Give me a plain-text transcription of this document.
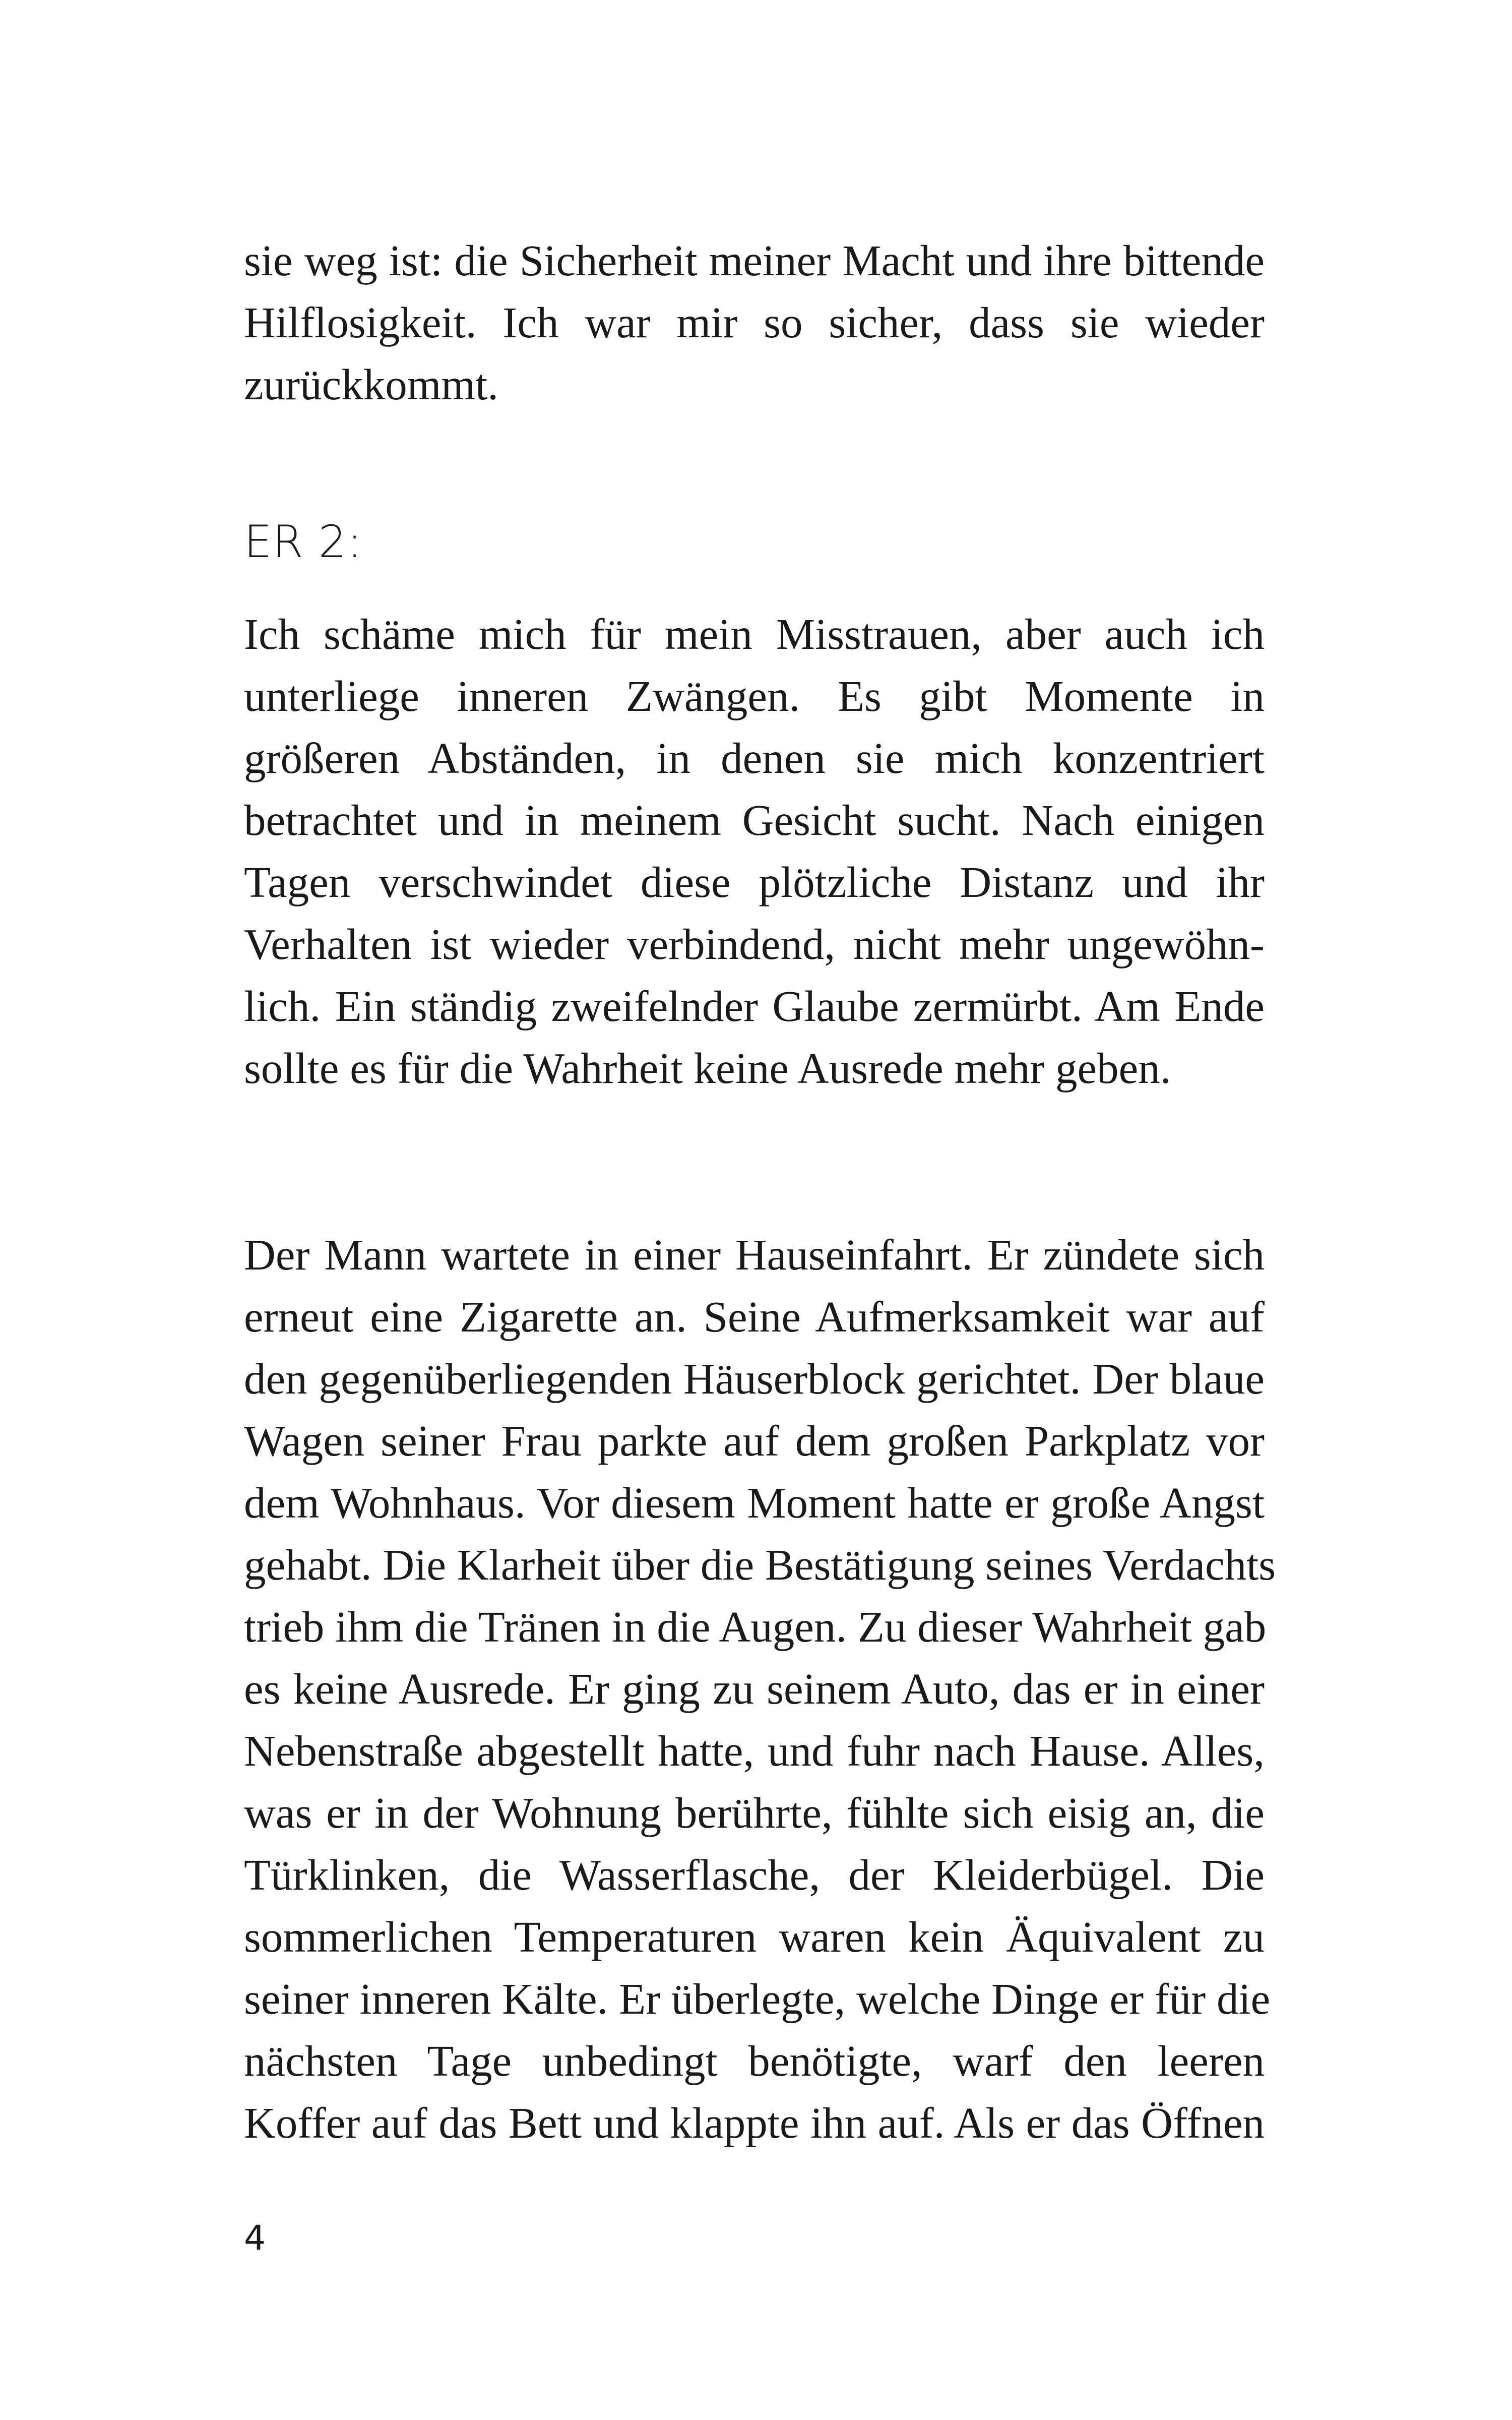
sie weg ist: die Sicherheit meiner Macht und ihre bittende
Hilflosigkeit. Ich war mir so sicher, dass sie wieder
zurückkommt.

ER 2:

Ich schäme mich für mein Misstrauen, aber auch ich
unterliege inneren Zwängen. Es gibt Momente in
größeren Abständen, in denen sie mich konzentriert
betrachtet und in meinem Gesicht sucht. Nach einigen
Tagen verschwindet diese plötzliche Distanz und ihr
Verhalten ist wieder verbindend, nicht mehr ungewöhn-
lich. Ein ständig zweifelnder Glaube zermürbt. Am Ende
sollte es für die Wahrheit keine Ausrede mehr geben.

Der Mann wartete in einer Hauseinfahrt. Er zündete sich
erneut eine Zigarette an. Seine Aufmerksamkeit war auf
den gegenüberliegenden Häuserblock gerichtet. Der blaue
Wagen seiner Frau parkte auf dem großen Parkplatz vor
dem Wohnhaus. Vor diesem Moment hatte er große Angst
gehabt. Die Klarheit über die Bestätigung seines Verdachts
trieb ihm die Tränen in die Augen. Zu dieser Wahrheit gab
es keine Ausrede. Er ging zu seinem Auto, das er in einer
Nebenstraße abgestellt hatte, und fuhr nach Hause. Alles,
was er in der Wohnung berührte, fühlte sich eisig an, die
Türklinken, die Wasserflasche, der Kleiderbügel. Die
sommerlichen Temperaturen waren kein Äquivalent zu
seiner inneren Kälte. Er überlegte, welche Dinge er für die
nächsten Tage unbedingt benötigte, warf den leeren
Koffer auf das Bett und klappte ihn auf. Als er das Öffnen

4
